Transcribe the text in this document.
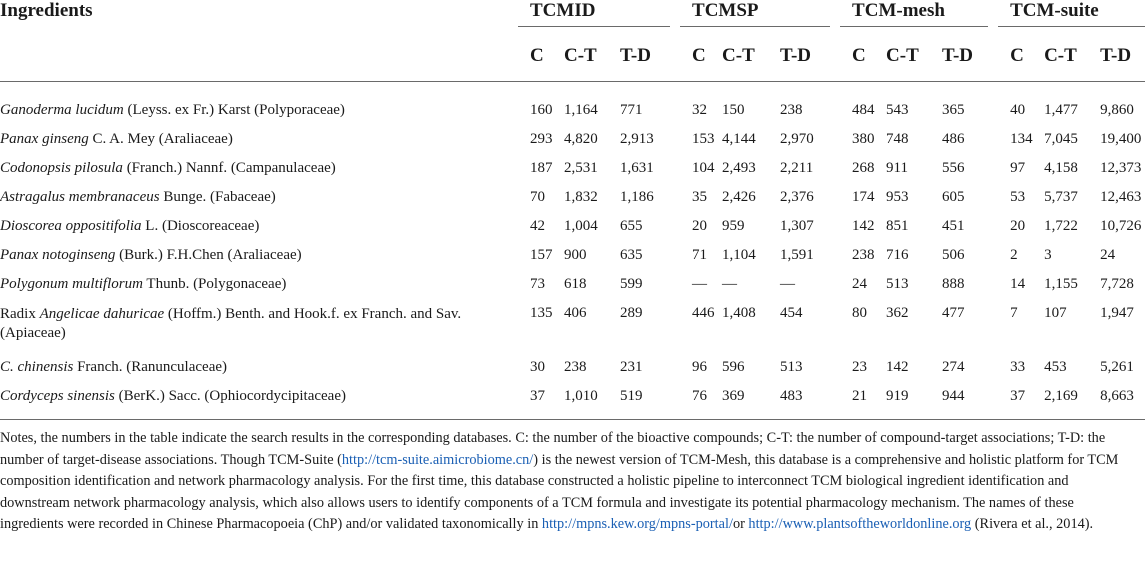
Ingredients	TCMID			TCMSP			TCM-mesh			TCM-suite		

	C	C-T	T-D	C	C-T	T-D	C	C-T	T-D	C	C-T	T-D
Ganoderma lucidum (Leyss. ex Fr.) Karst (Polyporaceae)	160	1,164	771	32	150	238	484	543	365	40	1,477	9,860
Panax ginseng C. A. Mey (Araliaceae)	293	4,820	2,913	153	4,144	2,970	380	748	486	134	7,045	19,400
Codonopsis pilosula (Franch.) Nannf. (Campanulaceae)	187	2,531	1,631	104	2,493	2,211	268	911	556	97	4,158	12,373
Astragalus membranaceus Bunge. (Fabaceae)	70	1,832	1,186	35	2,426	2,376	174	953	605	53	5,737	12,463
Dioscorea oppositifolia L. (Dioscoreaceae)	42	1,004	655	20	959	1,307	142	851	451	20	1,722	10,726
Panax notoginseng (Burk.) F.H.Chen (Araliaceae)	157	900	635	71	1,104	1,591	238	716	506	2	3	24
Polygonum multiflorum Thunb. (Polygonaceae)	73	618	599	—	—	—	24	513	888	14	1,155	7,728
Radix Angelicae dahuricae (Hoffm.) Benth. and Hook.f. ex Franch. and Sav. (Apiaceae)	135	406	289	446	1,408	454	80	362	477	7	107	1,947
C. chinensis Franch. (Ranunculaceae)	30	238	231	96	596	513	23	142	274	33	453	5,261
Cordyceps sinensis (BerK.) Sacc. (Ophiocordycipitaceae)	37	1,010	519	76	369	483	21	919	944	37	2,169	8,663
Notes, the numbers in the table indicate the search results in the corresponding databases. C: the number of the bioactive compounds; C-T: the number of compound-target associations; T-D: the number of target-disease associations. Though TCM-Suite (http://tcm-suite.aimicrobiome.cn/) is the newest version of TCM-Mesh, this database is a comprehensive and holistic platform for TCM composition identification and network pharmacology analysis. For the first time, this database constructed a holistic pipeline to interconnect TCM biological ingredient identification and downstream network pharmacology analysis, which also allows users to identify components of a TCM formula and investigate its potential pharmacology mechanism. The names of these ingredients were recorded in Chinese Pharmacopoeia (ChP) and/or validated taxonomically in http://mpns.kew.org/mpns-portal/or http://www.plantsoftheworldonline.org (Rivera et al., 2014).
